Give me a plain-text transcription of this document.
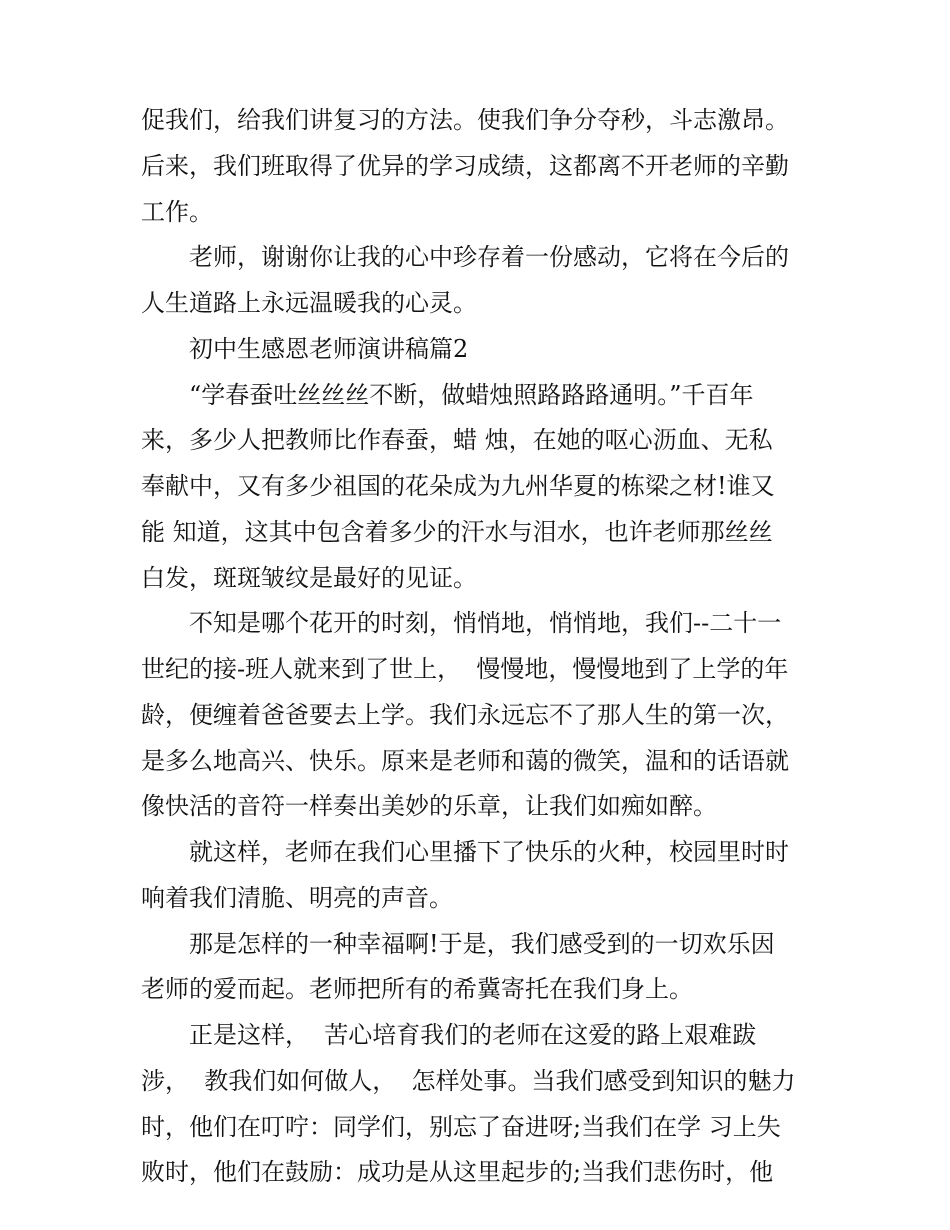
促我们，给我们讲复习的方法。使我们争分夺秒，斗志激昂。
后来，我们班取得了优异的学习成绩，这都离不开老师的辛勤
工作。
老师，谢谢你让我的心中珍存着一份感动，它将在今后的
人生道路上永远温暖我的心灵。
初中生感恩老师演讲稿篇2
“学春蚕吐丝丝丝不断，做蜡烛照路路路通明。”千百年
来，多少人把教师比作春蚕，蜡 烛，在她的呕心沥血、无私
奉献中，又有多少祖国的花朵成为九州华夏的栋梁之材!谁又
能 知道，这其中包含着多少的汗水与泪水，也许老师那丝丝
白发，斑斑皱纹是最好的见证。
不知是哪个花开的时刻，悄悄地，悄悄地，我们--二十一
世纪的接-班人就来到了世上，  慢慢地，慢慢地到了上学的年
龄，便缠着爸爸要去上学。我们永远忘不了那人生的第一次，
是多么地高兴、快乐。原来是老师和蔼的微笑，温和的话语就
像快活的音符一样奏出美妙的乐章，让我们如痴如醉。
就这样，老师在我们心里播下了快乐的火种，校园里时时
响着我们清脆、明亮的声音。
那是怎样的一种幸福啊!于是，我们感受到的一切欢乐因
老师的爱而起。老师把所有的希冀寄托在我们身上。
正是这样，  苦心培育我们的老师在这爱的路上艰难跋
涉，  教我们如何做人，  怎样处事。当我们感受到知识的魅力
时，他们在叮咛：同学们，别忘了奋进呀;当我们在学 习上失
败时，他们在鼓励：成功是从这里起步的;当我们悲伤时，他
